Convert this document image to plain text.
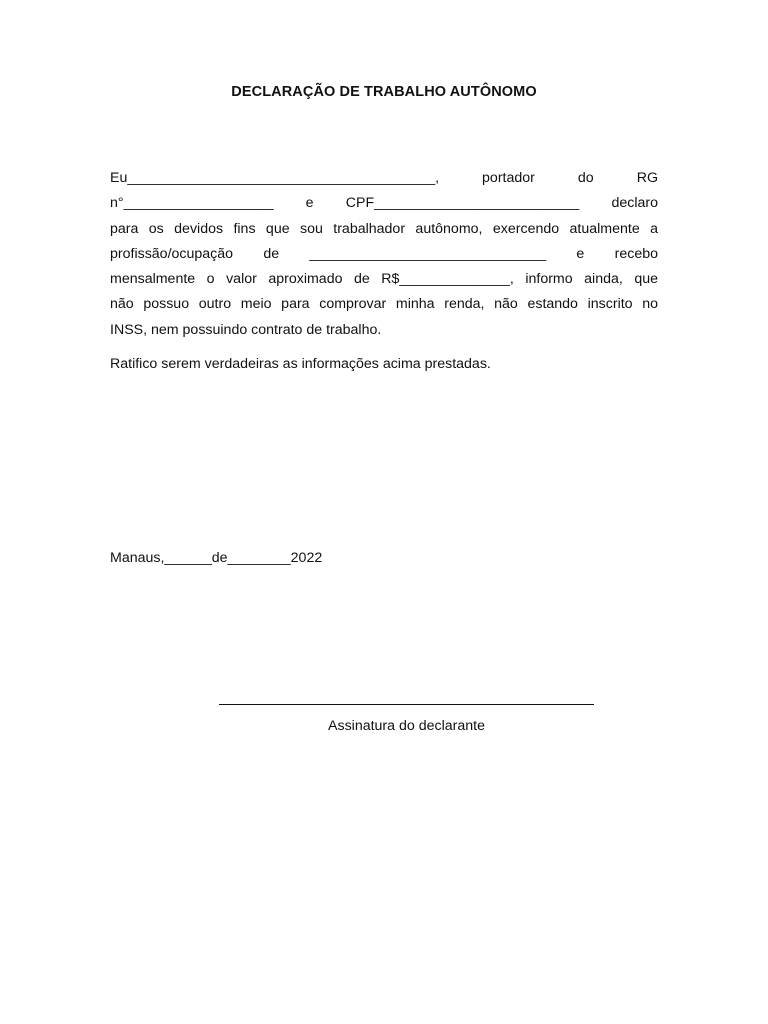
DECLARAÇÃO DE TRABALHO AUTÔNOMO
Eu_______________________________________, portador do RG
n°___________________ e CPF__________________________ declaro
para os devidos fins que sou trabalhador autônomo, exercendo atualmente a
profissão/ocupação de ______________________________ e recebo
mensalmente o valor aproximado de R$______________, informo ainda, que
não possuo outro meio para comprovar minha renda, não estando inscrito no
INSS, nem possuindo contrato de trabalho.
Ratifico serem verdadeiras as informações acima prestadas.
Manaus,______de________2022
Assinatura do declarante
